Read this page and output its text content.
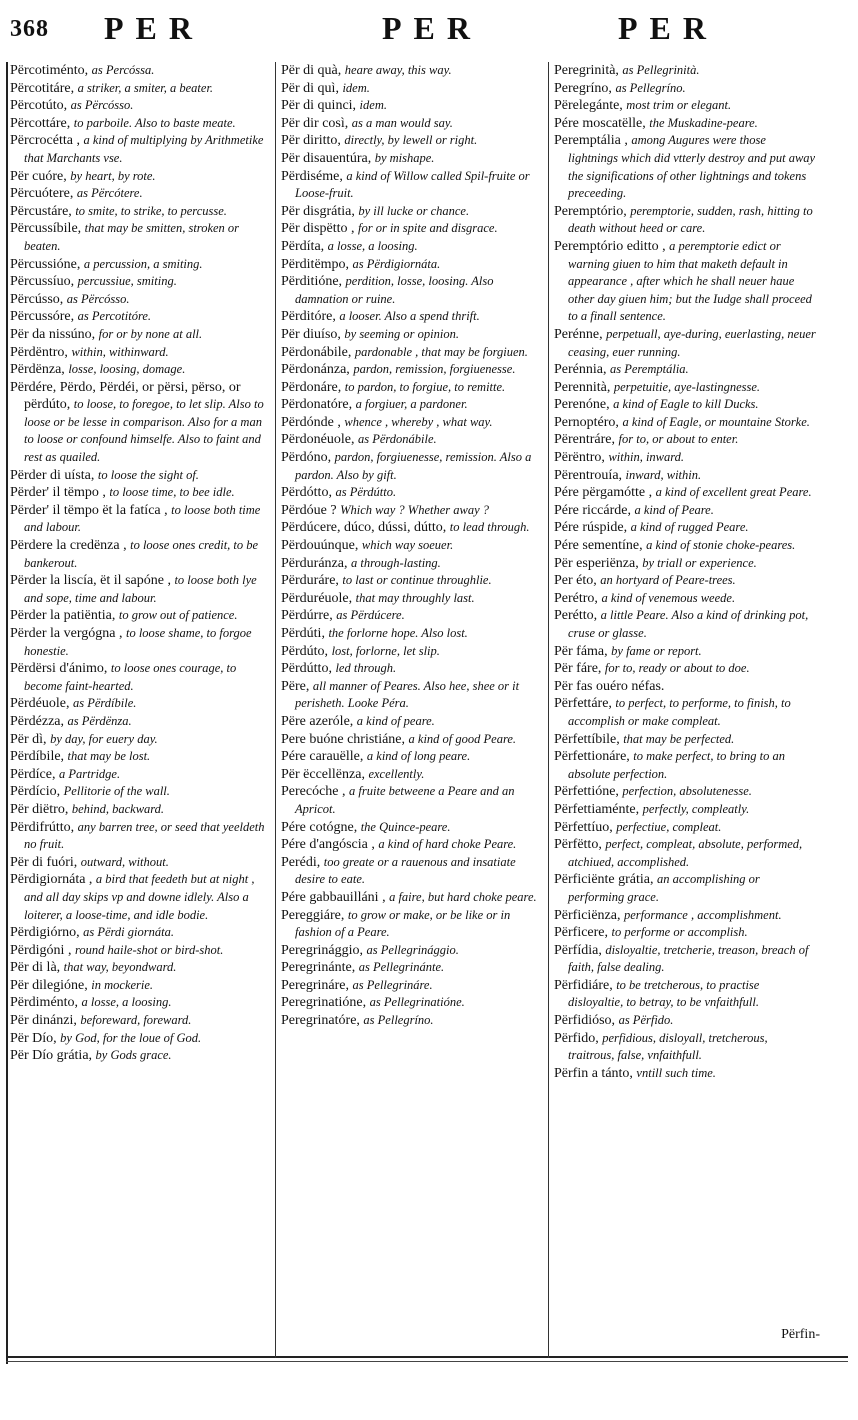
368 PER	PER	PER

Përcotiménto, as Percóssa.

Përcotitáre, a striker, a smiter, a beater.

Përcotúto, as Përcósso.

Përcottáre, to parboile. Also to baste meate.

Përcrocétta , a kind of multiplying by Arithmetike that Marchants vse.

Për cuóre, by heart, by rote.

Përcuótere, as Përcótere.

Përcustáre, to smite, to strike, to percusse.

Përcussíbile, that may be smitten, stroken or beaten.

Përcussióne, a percussion, a smiting.

Përcussíuo, percussiue, smiting.

Përcússo, as Përcósso.

Përcussóre, as Percotitóre.

Për da nissúno, for or by none at all.

Përdëntro, within, withinward.

Përdënza, losse, loosing, domage.

Përdére, Përdo, Përdéi, or përsi, përso, or përdúto, to loose, to foregoe, to let slip. Also to loose or be lesse in comparison. Also for a man to loose or confound himselfe. Also to faint and rest as quailed.

Përder di uísta, to loose the sight of.

Përder' il tëmpo , to loose time, to bee idle.

Përder' il tëmpo ët la fatíca , to loose both time and labour.

Përdere la credënza , to loose ones credit, to be bankerout.

Përder la liscía, ët il sapóne , to loose both lye and sope, time and labour.

Përder la patiëntia, to grow out of patience.

Përder la vergógna , to loose shame, to forgoe honestie.

Përdërsi d'ánimo, to loose ones courage, to become faint-hearted.

Përdéuole, as Përdíbile.

Përdézza, as Përdënza.

Për dì, by day, for euery day.

Përdíbile, that may be lost.

Përdíce, a Partridge.

Përdício, Pellitorie of the wall.

Për diëtro, behind, backward.

Përdifrútto, any barren tree, or seed that yeeldeth no fruit.

Për di fuóri, outward, without.

Përdigiornáta , a bird that feedeth but at night , and all day skips vp and downe idlely. Also a loiterer, a loose-time, and idle bodie.

Përdigiórno, as Përdi giornáta.

Përdigóni , round haile-shot or bird-shot.

Për di là, that way, beyondward.

Për dilegióne, in mockerie.

Përdiménto, a losse, a loosing.

Për dinánzi, beforeward, foreward.

Për Dío, by God, for the loue of God.

Për Dío grátia, by Gods grace.

Për di quà, heare away, this way.

Për di quì, idem.

Për di quinci, idem.

Për dir così, as a man would say.

Për diritto, directly, by lewell or right.

Për disauentúra, by mishape.

Përdiséme, a kind of Willow called Spil-fruite or Loose-fruit.

Për disgrátia, by ill lucke or chance.

Për dispëtto , for or in spite and disgrace.

Përdíta, a losse, a loosing.

Përditëmpo, as Përdigiornáta.

Përditióne, perdition, losse, loosing. Also damnation or ruine.

Përditóre, a looser. Also a spend thrift.

Për diuíso, by seeming or opinion.

Përdonábile, pardonable , that may be forgiuen.

Përdonánza, pardon, remission, forgiuenesse.

Përdonáre, to pardon, to forgiue, to remitte.

Përdonatóre, a forgiuer, a pardoner.

Përdónde , whence , whereby , what way.

Përdonéuole, as Përdonábile.

Përdóno, pardon, forgiuenesse, remission. Also a pardon. Also by gift.

Përdótto, as Përdútto.

Përdóue ? Which way ? Whether away ?

Përdúcere, dúco, dússi, dútto, to lead through.

Përdouúnque, which way soeuer.

Përduránza, a through-lasting.

Përduráre, to last or continue throughlie.

Përduréuole, that may throughly last.

Përdúrre, as Përdúcere.

Përdúti, the forlorne hope. Also lost.

Përdúto, lost, forlorne, let slip.

Përdútto, led through.

Përe, all manner of Peares. Also hee, shee or it perisheth. Looke Péra.

Përe azeróle, a kind of peare.

Pere buóne christiáne, a kind of good Peare.

Pére carauëlle, a kind of long peare.

Për ëccellënza, excellently.

Perecóche , a fruite betweene a Peare and an Apricot.

Pére cotógne, the Quince-peare.

Pére d'angóscia , a kind of hard choke Peare.

Perédi, too greate or a rauenous and insatiate desire to eate.

Pére gabbauilláni , a faire, but hard choke peare.

Pereggiáre, to grow or make, or be like or in fashion of a Peare.

Peregrinággio, as Pellegrinággio.

Peregrinánte, as Pellegrinánte.

Peregrináre, as Pellegrináre.

Peregrinatióne, as Pellegrinatióne.

Peregrinatóre, as Pellegríno.

Peregrinità, as Pellegrinità.

Peregríno, as Pellegríno.

Përelegánte, most trim or elegant.

Pére moscatëlle, the Muskadine-peare.

Peremptália , among Augures were those lightnings which did vtterly destroy and put away the significations of other lightnings and tokens preceeding.

Peremptório, peremptorie, sudden, rash, hitting to death without heed or care.

Peremptório editto , a peremptorie edict or warning giuen to him that maketh default in appearance , after which he shall neuer haue other day giuen him; but the Iudge shall proceed to a finall sentence.

Perénne, perpetuall, aye-during, euerlasting, neuer ceasing, euer running.

Perénnia, as Peremptália.

Perennità, perpetuitie, aye-lastingnesse.

Perenóne, a kind of Eagle to kill Ducks.

Pernoptéro, a kind of Eagle, or mountaine Storke.

Përentráre, for to, or about to enter.

Përëntro, within, inward.

Përentrouía, inward, within.

Pére përgamótte , a kind of excellent great Peare.

Pére riccárde, a kind of Peare.

Pére rúspide, a kind of rugged Peare.

Pére sementíne, a kind of stonie choke-peares.

Për esperiënza, by triall or experience.

Per éto, an hortyard of Peare-trees.

Perétro, a kind of venemous weede.

Perétto, a little Peare. Also a kind of drinking pot, cruse or glasse.

Për fáma, by fame or report.

Për fáre, for to, ready or about to doe.

Për fas ouéro néfas.

Përfettáre, to perfect, to performe, to finish, to accomplish or make compleat.

Përfettíbile, that may be perfected.

Përfettionáre, to make perfect, to bring to an absolute perfection.

Përfettióne, perfection, absolutenesse.

Përfettiaménte, perfectly, compleatly.

Përfettíuo, perfectiue, compleat.

Përfëtto, perfect, compleat, absolute, performed, atchiued, accomplished.

Përficiënte grátia, an accomplishing or performing grace.

Përficiënza, performance , accomplishment.

Përficere, to performe or accomplish.

Përfídia, disloyaltie, tretcherie, treason, breach of faith, false dealing.

Përfidiáre, to be tretcherous, to practise disloyaltie, to betray, to be vnfaithfull.

Përfidióso, as Përfido.

Përfido, perfidious, disloyall, tretcherous, traitrous, false, vnfaithfull.

Përfin a tánto, vntill such time.

Përfin-
